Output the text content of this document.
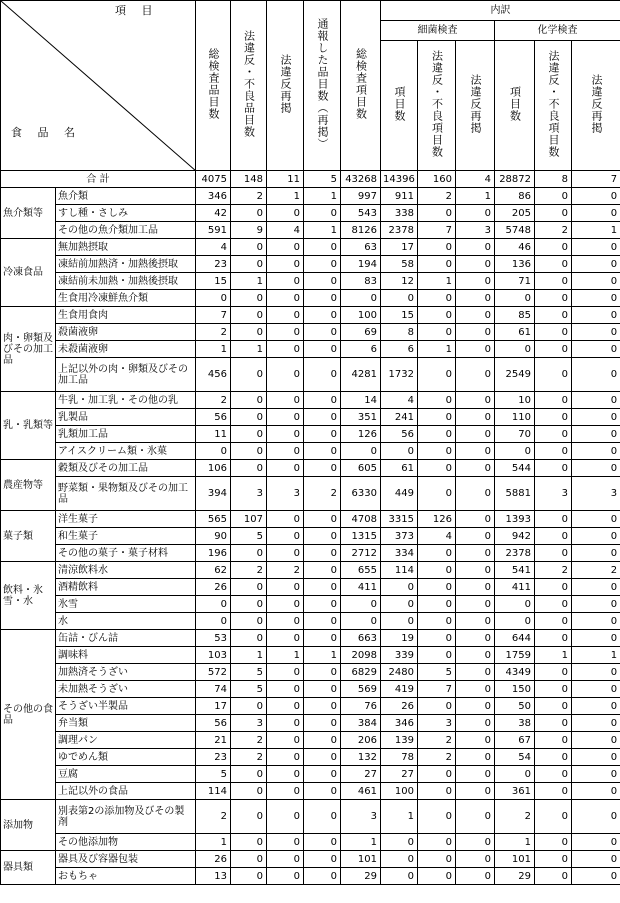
項 目
食 品 名		総検査品目数	法違反・不良品目数	法違反再掲	通報した品目数（再掲）	総検査項目数	内訳					
							細菌検査			化学検査		
							項目数	法違反・不良項目数	法違反再掲	項目数	法違反・不良項目数	法違反再掲
合 計		4075	148	11	5	43268	14396	160	4	28872	8	7
魚介類等	魚介類	346	2	1	1	997	911	2	1	86	0	0
	すし種・さしみ	42	0	0	0	543	338	0	0	205	0	0
	その他の魚介類加工品	591	9	4	1	8126	2378	7	3	5748	2	1
冷凍食品	無加熱摂取	4	0	0	0	63	17	0	0	46	0	0
	凍結前加熱済・加熱後摂取	23	0	0	0	194	58	0	0	136	0	0
	凍結前未加熱・加熱後摂取	15	1	0	0	83	12	1	0	71	0	0
	生食用冷凍鮮魚介類	0	0	0	0	0	0	0	0	0	0	0
肉・卵類及びその加工品	生食用食肉	7	0	0	0	100	15	0	0	85	0	0
	殺菌液卵	2	0	0	0	69	8	0	0	61	0	0
	未殺菌液卵	1	1	0	0	6	6	1	0	0	0	0
	上記以外の肉・卵類及びその加工品	456	0	0	0	4281	1732	0	0	2549	0	0
乳・乳類等	牛乳・加工乳・その他の乳	2	0	0	0	14	4	0	0	10	0	0
	乳製品	56	0	0	0	351	241	0	0	110	0	0
	乳類加工品	11	0	0	0	126	56	0	0	70	0	0
	アイスクリーム類・氷菓	0	0	0	0	0	0	0	0	0	0	0
農産物等	穀類及びその加工品	106	0	0	0	605	61	0	0	544	0	0
	野菜類・果物類及びその加工品	394	3	3	2	6330	449	0	0	5881	3	3
菓子類	洋生菓子	565	107	0	0	4708	3315	126	0	1393	0	0
	和生菓子	90	5	0	0	1315	373	4	0	942	0	0
	その他の菓子・菓子材料	196	0	0	0	2712	334	0	0	2378	0	0
飲料・氷雪・水	清涼飲料水	62	2	2	0	655	114	0	0	541	2	2
	酒精飲料	26	0	0	0	411	0	0	0	411	0	0
	氷雪	0	0	0	0	0	0	0	0	0	0	0
	水	0	0	0	0	0	0	0	0	0	0	0
その他の食品	缶詰・びん詰	53	0	0	0	663	19	0	0	644	0	0
	調味料	103	1	1	1	2098	339	0	0	1759	1	1
	加熱済そうざい	572	5	0	0	6829	2480	5	0	4349	0	0
	未加熱そうざい	74	5	0	0	569	419	7	0	150	0	0
	そうざい半製品	17	0	0	0	76	26	0	0	50	0	0
	弁当類	56	3	0	0	384	346	3	0	38	0	0
	調理パン	21	2	0	0	206	139	2	0	67	0	0
	ゆでめん類	23	2	0	0	132	78	2	0	54	0	0
	豆腐	5	0	0	0	27	27	0	0	0	0	0
	上記以外の食品	114	0	0	0	461	100	0	0	361	0	0
添加物	別表第2の添加物及びその製剤	2	0	0	0	3	1	0	0	2	0	0
	その他添加物	1	0	0	0	1	0	0	0	1	0	0
器具類	器具及び容器包装	26	0	0	0	101	0	0	0	101	0	0
	おもちゃ	13	0	0	0	29	0	0	0	29	0	0
